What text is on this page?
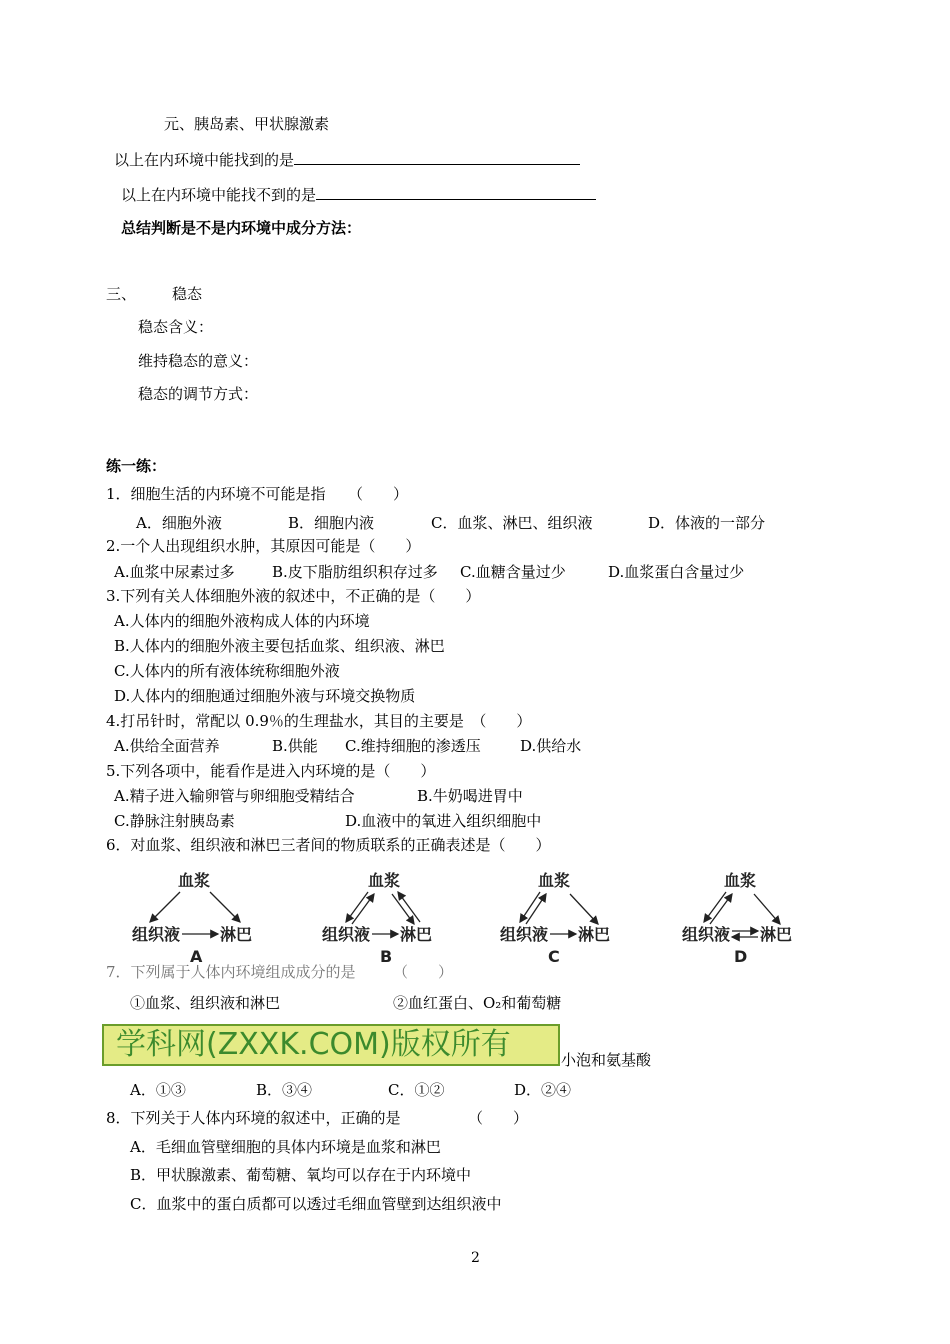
元、胰岛素、甲状腺激素
以上在内环境中能找到的是
以上在内环境中能找不到的是
总结判断是不是内环境中成分方法：
三、 稳态
稳态含义：
维持稳态的意义：
稳态的调节方式：
练一练：
1．细胞生活的内环境不可能是指　　（　　）
A．细胞外液	B．细胞内液	C．血浆、淋巴、组织液	D．体液的一部分
2.一个人出现组织水肿，其原因可能是（　　）
A.血浆中尿素过多 B.皮下脂肪组织积存过多 C.血糖含量过少	D.血浆蛋白含量过少
3.下列有关人体细胞外液的叙述中，不正确的是（　　）
A.人体内的细胞外液构成人体的内环境
B.人体内的细胞外液主要包括血浆、组织液、淋巴
C.人体内的所有液体统称细胞外液
D.人体内的细胞通过细胞外液与环境交换物质
4.打吊针时，常配以 0.9％的生理盐水，其目的主要是　（　　）
A.供给全面营养	B.供能 C.维持细胞的渗透压	D.供给水
5.下列各项中，能看作是进入内环境的是（　　）
A.精子进入输卵管与卵细胞受精结合	B.牛奶喝进胃中
C.静脉注射胰岛素	D.血液中的氧进入组织细胞中
6．对血浆、组织液和淋巴三者间的物质联系的正确表述是（　　）
血浆
组织液 淋巴
A
血浆
组织液 淋巴
B
血浆
组织液 淋巴
C
血浆
组织液 淋巴
D
7．下列属于人体内环境组成成分的是　　　（　　）
①血浆、组织液和淋巴	②血红蛋白、O₂和葡萄糖
学科网(ZXXK.COM)版权所有	小泡和氨基酸
A．①③	B．③④	C．①②	D．②④
8．下列关于人体内环境的叙述中，正确的是　　　　　（　　）
A．毛细血管壁细胞的具体内环境是血浆和淋巴
B．甲状腺激素、葡萄糖、氧均可以存在于内环境中
C．血浆中的蛋白质都可以透过毛细血管壁到达组织液中
2
